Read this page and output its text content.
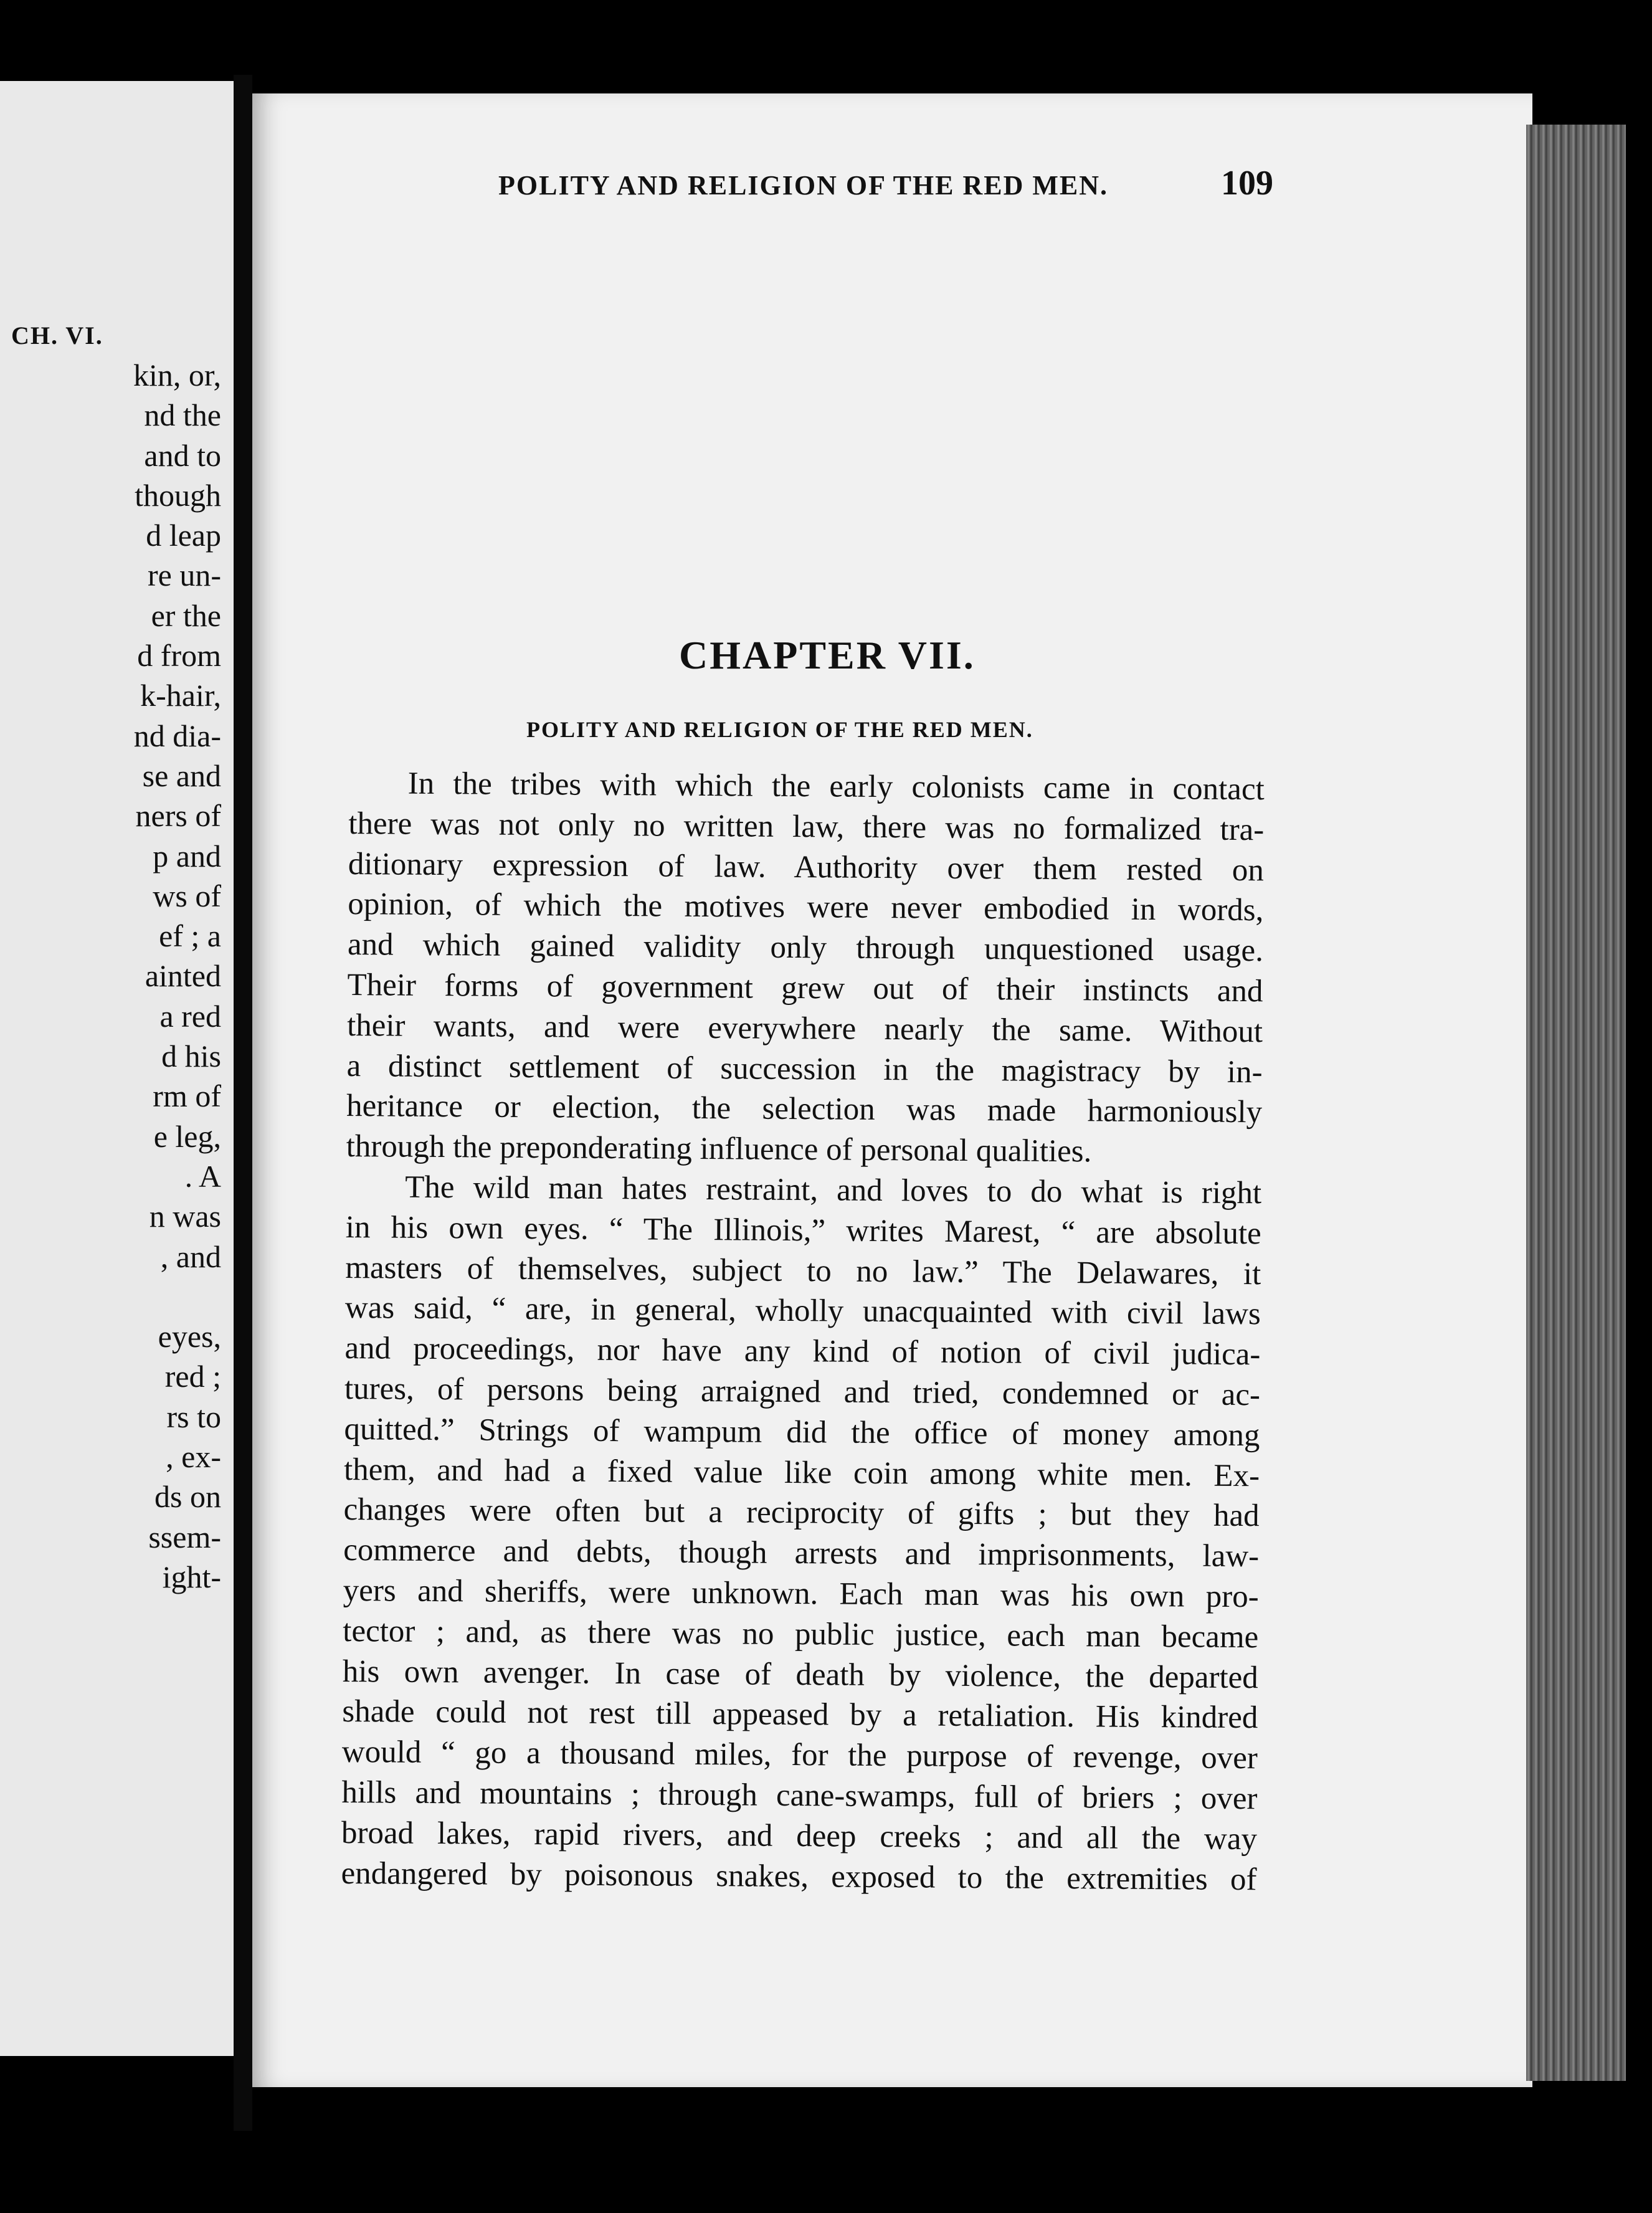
CH. VI.
kin, or,
nd the
and to
though
d leap
re un-
er the
d from
k-hair,
nd dia-
se and
ners of
p and
ws of
ef ; a
ainted
a red
d his
rm of
e leg,
. A
n was
, and

eyes,
red ;
rs to
, ex-
ds on
ssem-
ight-
POLITY AND RELIGION OF THE RED MEN.	109
CHAPTER VII.
POLITY AND RELIGION OF THE RED MEN.
In the tribes with which the early colonists came in contact
there was not only no written law, there was no formalized tra-
ditionary expression of law. Authority over them rested on
opinion, of which the motives were never embodied in words,
and which gained validity only through unquestioned usage.
Their forms of government grew out of their instincts and
their wants, and were everywhere nearly the same. Without
a distinct settlement of succession in the magistracy by in-
heritance or election, the selection was made harmoniously
through the preponderating influence of personal qualities.
The wild man hates restraint, and loves to do what is right
in his own eyes. “ The Illinois,” writes Marest, “ are absolute
masters of themselves, subject to no law.” The Delawares, it
was said, “ are, in general, wholly unacquainted with civil laws
and proceedings, nor have any kind of notion of civil judica-
tures, of persons being arraigned and tried, condemned or ac-
quitted.” Strings of wampum did the office of money among
them, and had a fixed value like coin among white men. Ex-
changes were often but a reciprocity of gifts ; but they had
commerce and debts, though arrests and imprisonments, law-
yers and sheriffs, were unknown. Each man was his own pro-
tector ; and, as there was no public justice, each man became
his own avenger. In case of death by violence, the departed
shade could not rest till appeased by a retaliation. His kindred
would “ go a thousand miles, for the purpose of revenge, over
hills and mountains ; through cane-swamps, full of briers ; over
broad lakes, rapid rivers, and deep creeks ; and all the way
endangered by poisonous snakes, exposed to the extremities of
